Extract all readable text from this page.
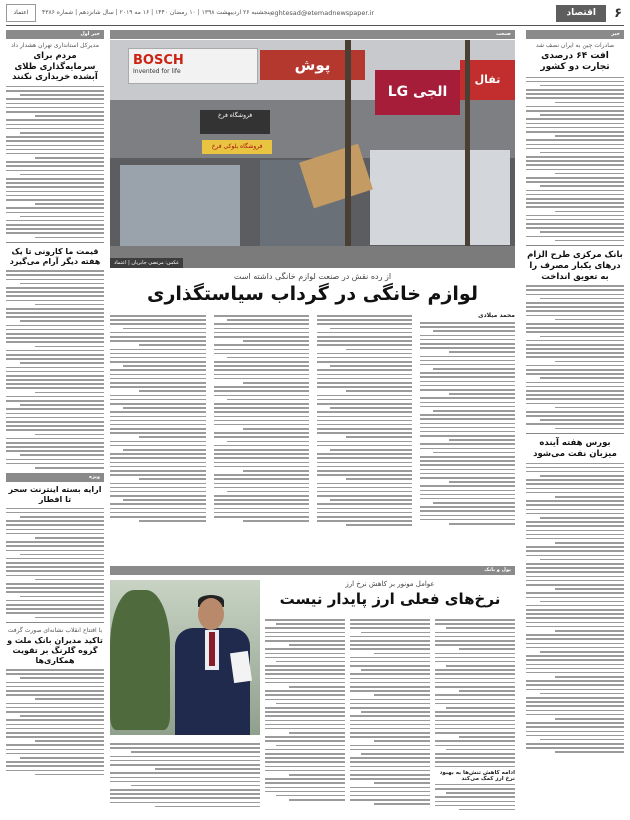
۶
اقتصاد
eghtesad@etemadnewspaper.ir
پنجشنبه ۲۶ اردیبهشت ۱۳۹۸ | ۱۰ رمضان ۱۴۴۰ | ۱۶ مه ۲۰۱۹ | سال شانزدهم | شماره ۴۳۸۶
اعتماد
خبر
صادرات چین به ایران نصف شد
افت ۶۴ درصدی تجارت دو کشور
بانک مرکزی طرح الزام درهای یکبار مصرف را به تعویق انداخت
بورس هفته آینده میزبان نفت می‌شود
صنعت
BOSCH
Invented for life	پوش
LG الجی
تفال
فروشگاه فرخ
فروشگاه بلوکی فرخ
عکس: مرتضی جابریان | اعتماد
از رده نقش در صنعت لوازم خانگی داشته است
لوازم خانگی در گرداب سیاستگذاری
محمد میلادی
پول و بانک
عوامل مونور بر کاهش نرخ ارز
نرخ‌های فعلی ارز پایدار نیست
ادامه کاهش تنش‌ها به بهبود نرخ ارز کمک می‌کند
خبر اول
مدیرکل استانداری تهران هشدار داد
مردم برای سرمایه‌گذاری طلای آبشده خریداری نکنند
قیمت ما کارونی تا یک هفته دیگر آرام می‌گیرد
ویژه
ارایه بسته اینترنت سحر تا افطار
با افتتاح انقلاب نشانه‌ای صورت گرفت
تاکید مدیران بانک ملت و گروه گلرنگ بر تقویت همکاری‌ها
